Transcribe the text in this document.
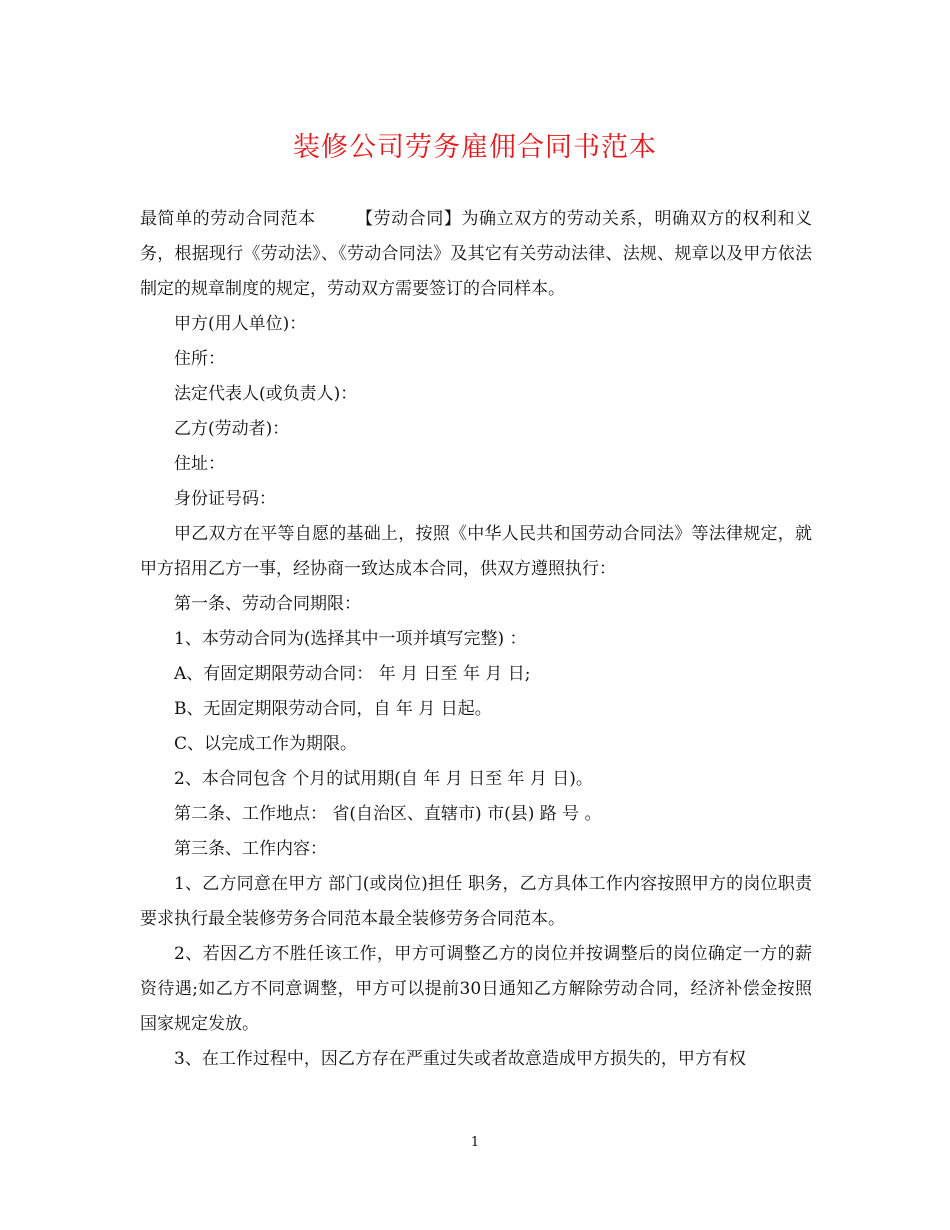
装修公司劳务雇佣合同书范本

最简单的劳动合同范本 【劳动合同】为确立双方的劳动关系，明确双方的权利和义务，根据现行《劳动法》、《劳动合同法》及其它有关劳动法律、法规、规章以及甲方依法制定的规章制度的规定，劳动双方需要签订的合同样本。

甲方(用人单位)：

住所：

法定代表人(或负责人)：

乙方(劳动者)：

住址：

身份证号码：

甲乙双方在平等自愿的基础上，按照《中华人民共和国劳动合同法》等法律规定，就甲方招用乙方一事，经协商一致达成本合同，供双方遵照执行：

第一条、劳动合同期限：

1、本劳动合同为(选择其中一项并填写完整) ：

A、有固定期限劳动合同： 年 月 日至 年 月 日;

B、无固定期限劳动合同，自 年 月 日起。

C、以完成工作为期限。

2、本合同包含 个月的试用期(自 年 月 日至 年 月 日)。

第二条、工作地点： 省(自治区、直辖市) 市(县) 路 号 。

第三条、工作内容：

1、乙方同意在甲方 部门(或岗位)担任 职务，乙方具体工作内容按照甲方的岗位职责要求执行最全装修劳务合同范本最全装修劳务合同范本。

2、若因乙方不胜任该工作，甲方可调整乙方的岗位并按调整后的岗位确定一方的薪资待遇;如乙方不同意调整，甲方可以提前30日通知乙方解除劳动合同，经济补偿金按照国家规定发放。

3、在工作过程中，因乙方存在严重过失或者故意造成甲方损失的，甲方有权

1
